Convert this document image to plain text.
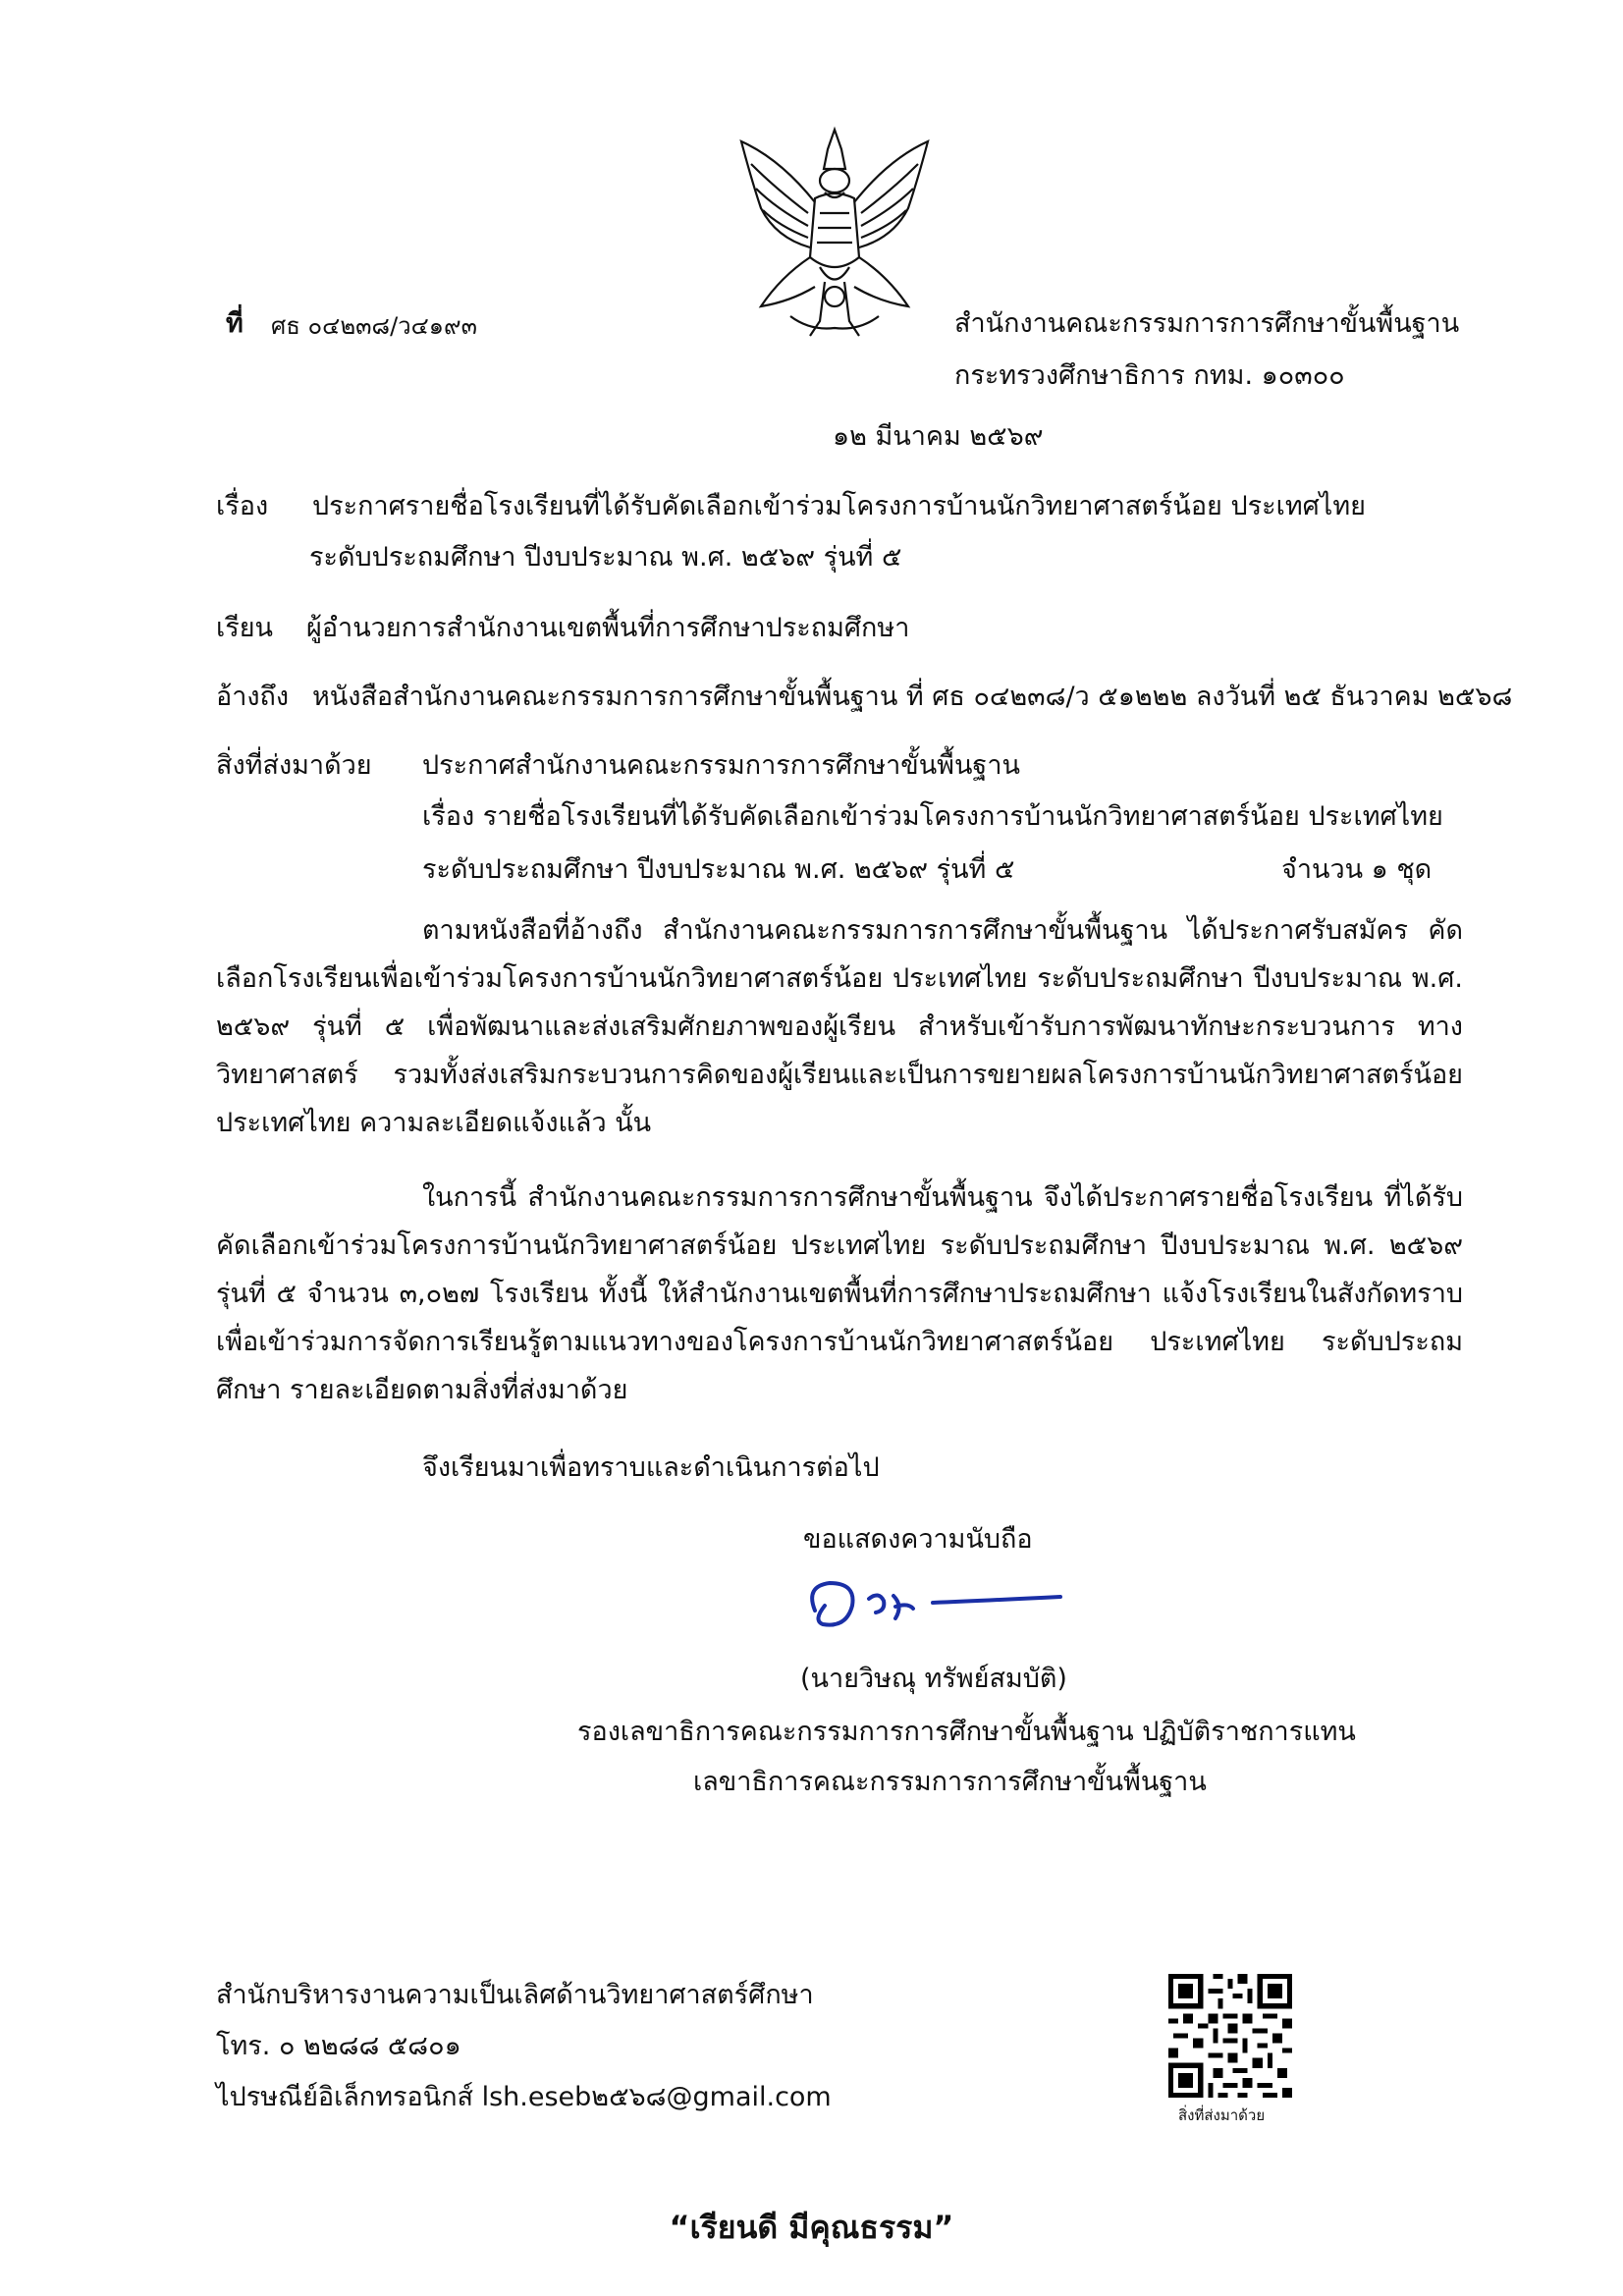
ที่ ศธ ๐๔๒๓๘/ว๔๑๙๓	สำนักงานคณะกรรมการการศึกษาขั้นพื้นฐาน
กระทรวงศึกษาธิการ กทม. ๑๐๓๐๐
๑๒ มีนาคม ๒๕๖๙
เรื่อง ประกาศรายชื่อโรงเรียนที่ได้รับคัดเลือกเข้าร่วมโครงการบ้านนักวิทยาศาสตร์น้อย ประเทศไทย
ระดับประถมศึกษา ปีงบประมาณ พ.ศ. ๒๕๖๙ รุ่นที่ ๕
เรียน ผู้อำนวยการสำนักงานเขตพื้นที่การศึกษาประถมศึกษา
อ้างถึง หนังสือสำนักงานคณะกรรมการการศึกษาขั้นพื้นฐาน ที่ ศธ ๐๔๒๓๘/ว ๕๑๒๒๒ ลงวันที่ ๒๕ ธันวาคม ๒๕๖๘
สิ่งที่ส่งมาด้วย ประกาศสำนักงานคณะกรรมการการศึกษาขั้นพื้นฐาน
เรื่อง รายชื่อโรงเรียนที่ได้รับคัดเลือกเข้าร่วมโครงการบ้านนักวิทยาศาสตร์น้อย ประเทศไทย
ระดับประถมศึกษา ปีงบประมาณ พ.ศ. ๒๕๖๙ รุ่นที่ ๕	จำนวน ๑ ชุด
ตามหนังสือที่อ้างถึง สำนักงานคณะกรรมการการศึกษาขั้นพื้นฐาน ได้ประกาศรับสมัคร คัดเลือกโรงเรียนเพื่อเข้าร่วมโครงการบ้านนักวิทยาศาสตร์น้อย ประเทศไทย ระดับประถมศึกษา ปีงบประมาณ พ.ศ. ๒๕๖๙ รุ่นที่ ๕ เพื่อพัฒนาและส่งเสริมศักยภาพของผู้เรียน สำหรับเข้ารับการพัฒนาทักษะกระบวนการ ทางวิทยาศาสตร์ รวมทั้งส่งเสริมกระบวนการคิดของผู้เรียนและเป็นการขยายผลโครงการบ้านนักวิทยาศาสตร์น้อย ประเทศไทย ความละเอียดแจ้งแล้ว นั้น
ในการนี้ สำนักงานคณะกรรมการการศึกษาขั้นพื้นฐาน จึงได้ประกาศรายชื่อโรงเรียน ที่ได้รับคัดเลือกเข้าร่วมโครงการบ้านนักวิทยาศาสตร์น้อย ประเทศไทย ระดับประถมศึกษา ปีงบประมาณ พ.ศ. ๒๕๖๙ รุ่นที่ ๕ จำนวน ๓,๐๒๗ โรงเรียน ทั้งนี้ ให้สำนักงานเขตพื้นที่การศึกษาประถมศึกษา แจ้งโรงเรียนในสังกัดทราบ เพื่อเข้าร่วมการจัดการเรียนรู้ตามแนวทางของโครงการบ้านนักวิทยาศาสตร์น้อย ประเทศไทย ระดับประถมศึกษา รายละเอียดตามสิ่งที่ส่งมาด้วย
จึงเรียนมาเพื่อทราบและดำเนินการต่อไป
ขอแสดงความนับถือ
(นายวิษณุ ทรัพย์สมบัติ)
รองเลขาธิการคณะกรรมการการศึกษาขั้นพื้นฐาน ปฏิบัติราชการแทน
เลขาธิการคณะกรรมการการศึกษาขั้นพื้นฐาน
สำนักบริหารงานความเป็นเลิศด้านวิทยาศาสตร์ศึกษา
โทร. ๐ ๒๒๘๘ ๕๘๐๑
ไปรษณีย์อิเล็กทรอนิกส์ lsh.eseb๒๕๖๘@gmail.com
สิ่งที่ส่งมาด้วย
“เรียนดี มีคุณธรรม”
